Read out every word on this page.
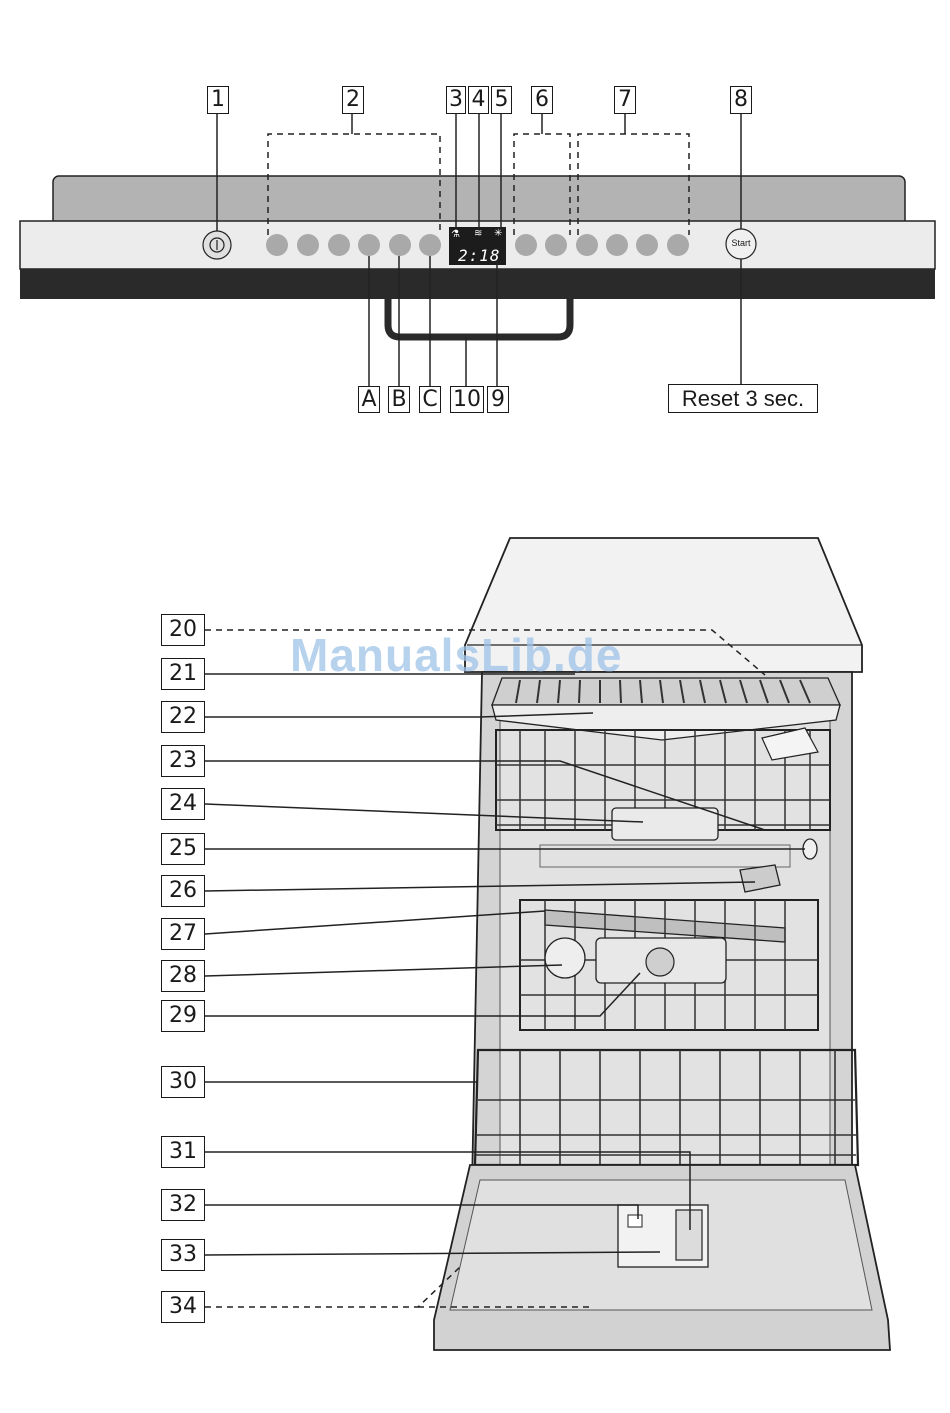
1	2	3 4 5 6	7	8
⚗ ≋ ✳
2:18
Start
A B C 10 9	Reset 3 sec.
20
21
22
23
24
25
26
27
28
29
30
31
32
33
34
ManualsLib.de
